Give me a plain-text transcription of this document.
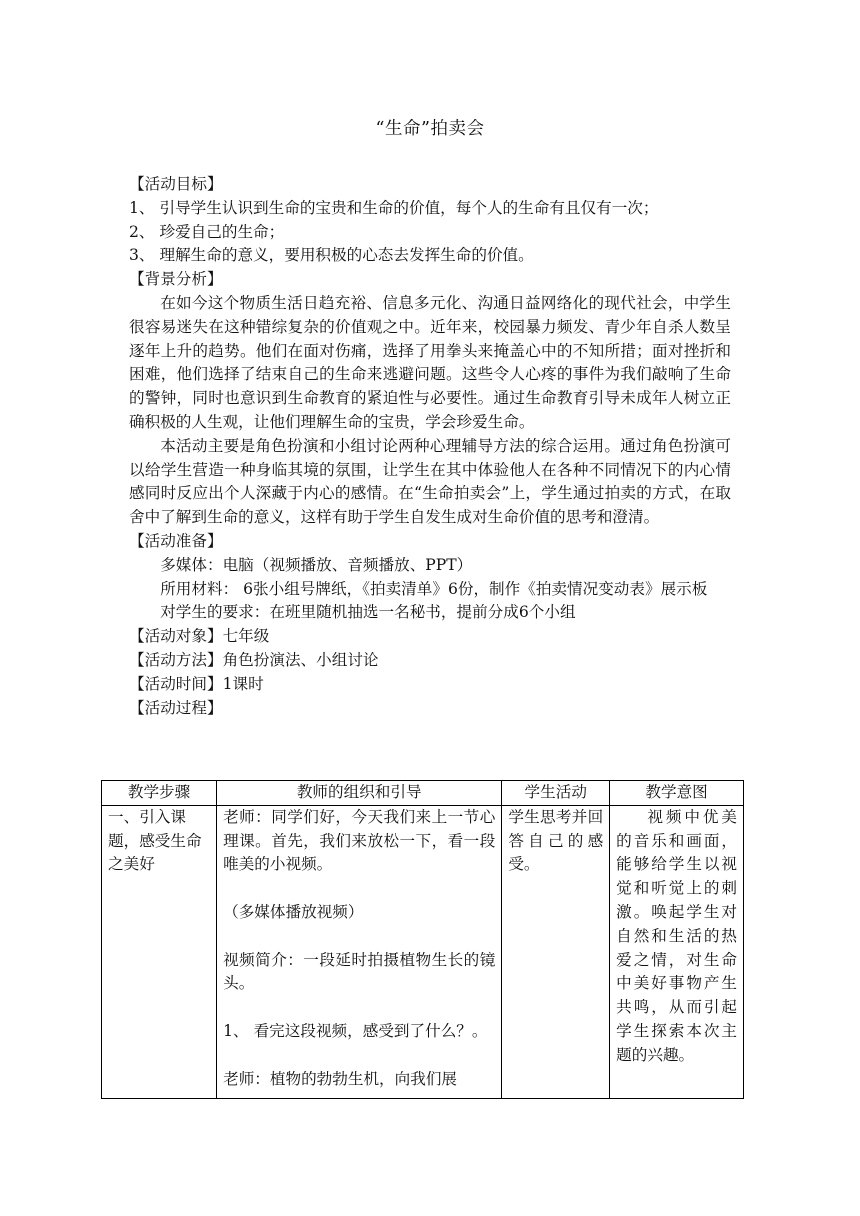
“生命”拍卖会

【活动目标】

1、 引导学生认识到生命的宝贵和生命的价值，每个人的生命有且仅有一次；

2、 珍爱自己的生命；

3、 理解生命的意义，要用积极的心态去发挥生命的价值。

【背景分析】

在如今这个物质生活日趋充裕、信息多元化、沟通日益网络化的现代社会，中学生很容易迷失在这种错综复杂的价值观之中。近年来，校园暴力频发、青少年自杀人数呈逐年上升的趋势。他们在面对伤痛，选择了用拳头来掩盖心中的不知所措；面对挫折和困难，他们选择了结束自己的生命来逃避问题。这些令人心疼的事件为我们敲响了生命的警钟，同时也意识到生命教育的紧迫性与必要性。通过生命教育引导未成年人树立正确积极的人生观，让他们理解生命的宝贵，学会珍爱生命。

本活动主要是角色扮演和小组讨论两种心理辅导方法的综合运用。通过角色扮演可以给学生营造一种身临其境的氛围，让学生在其中体验他人在各种不同情况下的内心情感同时反应出个人深藏于内心的感情。在“生命拍卖会”上，学生通过拍卖的方式，在取舍中了解到生命的意义，这样有助于学生自发生成对生命价值的思考和澄清。

【活动准备】

多媒体：电脑（视频播放、音频播放、PPT）

所用材料： 6张小组号牌纸，《拍卖清单》6份，制作《拍卖情况变动表》展示板

对学生的要求：在班里随机抽选一名秘书，提前分成6个小组

【活动对象】七年级

【活动方法】角色扮演法、小组讨论

【活动时间】1课时

【活动过程】

教学步骤	教师的组织和引导	学生活动	教学意图
一、引入课题，感受生命之美好	老师：同学们好，今天我们来上一节心理课。首先，我们来放松一下，看一段唯美的小视频。
（多媒体播放视频）
视频简介：一段延时拍摄植物生长的镜头。
1、 看完这段视频，感受到了什么？。
老师：植物的勃勃生机，向我们展	学生思考并回答自己的感受。	视频中优美的音乐和画面，能够给学生以视觉和听觉上的刺激。唤起学生对自然和生活的热爱之情，对生命中美好事物产生共鸣，从而引起学生探索本次主题的兴趣。
